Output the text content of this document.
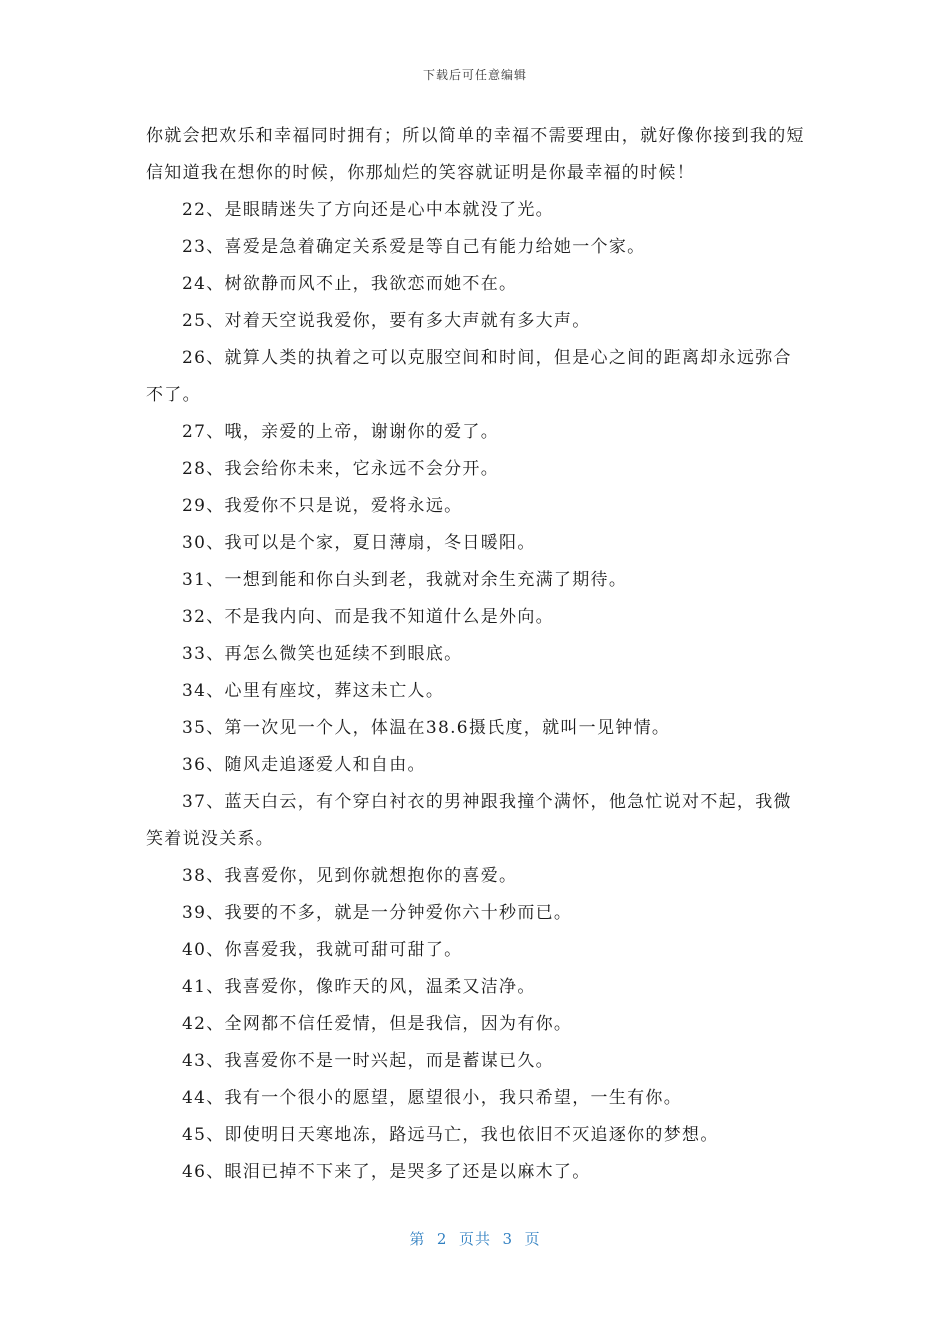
下载后可任意编辑

你就会把欢乐和幸福同时拥有；所以简单的幸福不需要理由，就好像你接到我的短信知道我在想你的时候，你那灿烂的笑容就证明是你最幸福的时候！

22、是眼睛迷失了方向还是心中本就没了光。

23、喜爱是急着确定关系爱是等自己有能力给她一个家。

24、树欲静而风不止，我欲恋而她不在。

25、对着天空说我爱你，要有多大声就有多大声。

26、就算人类的执着之可以克服空间和时间，但是心之间的距离却永远弥合不了。

27、哦，亲爱的上帝，谢谢你的爱了。

28、我会给你未来，它永远不会分开。

29、我爱你不只是说，爱将永远。

30、我可以是个家，夏日薄扇，冬日暖阳。

31、一想到能和你白头到老，我就对余生充满了期待。

32、不是我内向、而是我不知道什么是外向。

33、再怎么微笑也延续不到眼底。

34、心里有座坟，葬这未亡人。

35、第一次见一个人，体温在38.6摄氏度，就叫一见钟情。

36、随风走追逐爱人和自由。

37、蓝天白云，有个穿白衬衣的男神跟我撞个满怀，他急忙说对不起，我微笑着说没关系。

38、我喜爱你，见到你就想抱你的喜爱。

39、我要的不多，就是一分钟爱你六十秒而已。

40、你喜爱我，我就可甜可甜了。

41、我喜爱你，像昨天的风，温柔又洁净。

42、全网都不信任爱情，但是我信，因为有你。

43、我喜爱你不是一时兴起，而是蓄谋已久。

44、我有一个很小的愿望，愿望很小，我只希望，一生有你。

45、即使明日天寒地冻，路远马亡，我也依旧不灭追逐你的梦想。

46、眼泪已掉不下来了，是哭多了还是以麻木了。

第  2  页共  3  页
